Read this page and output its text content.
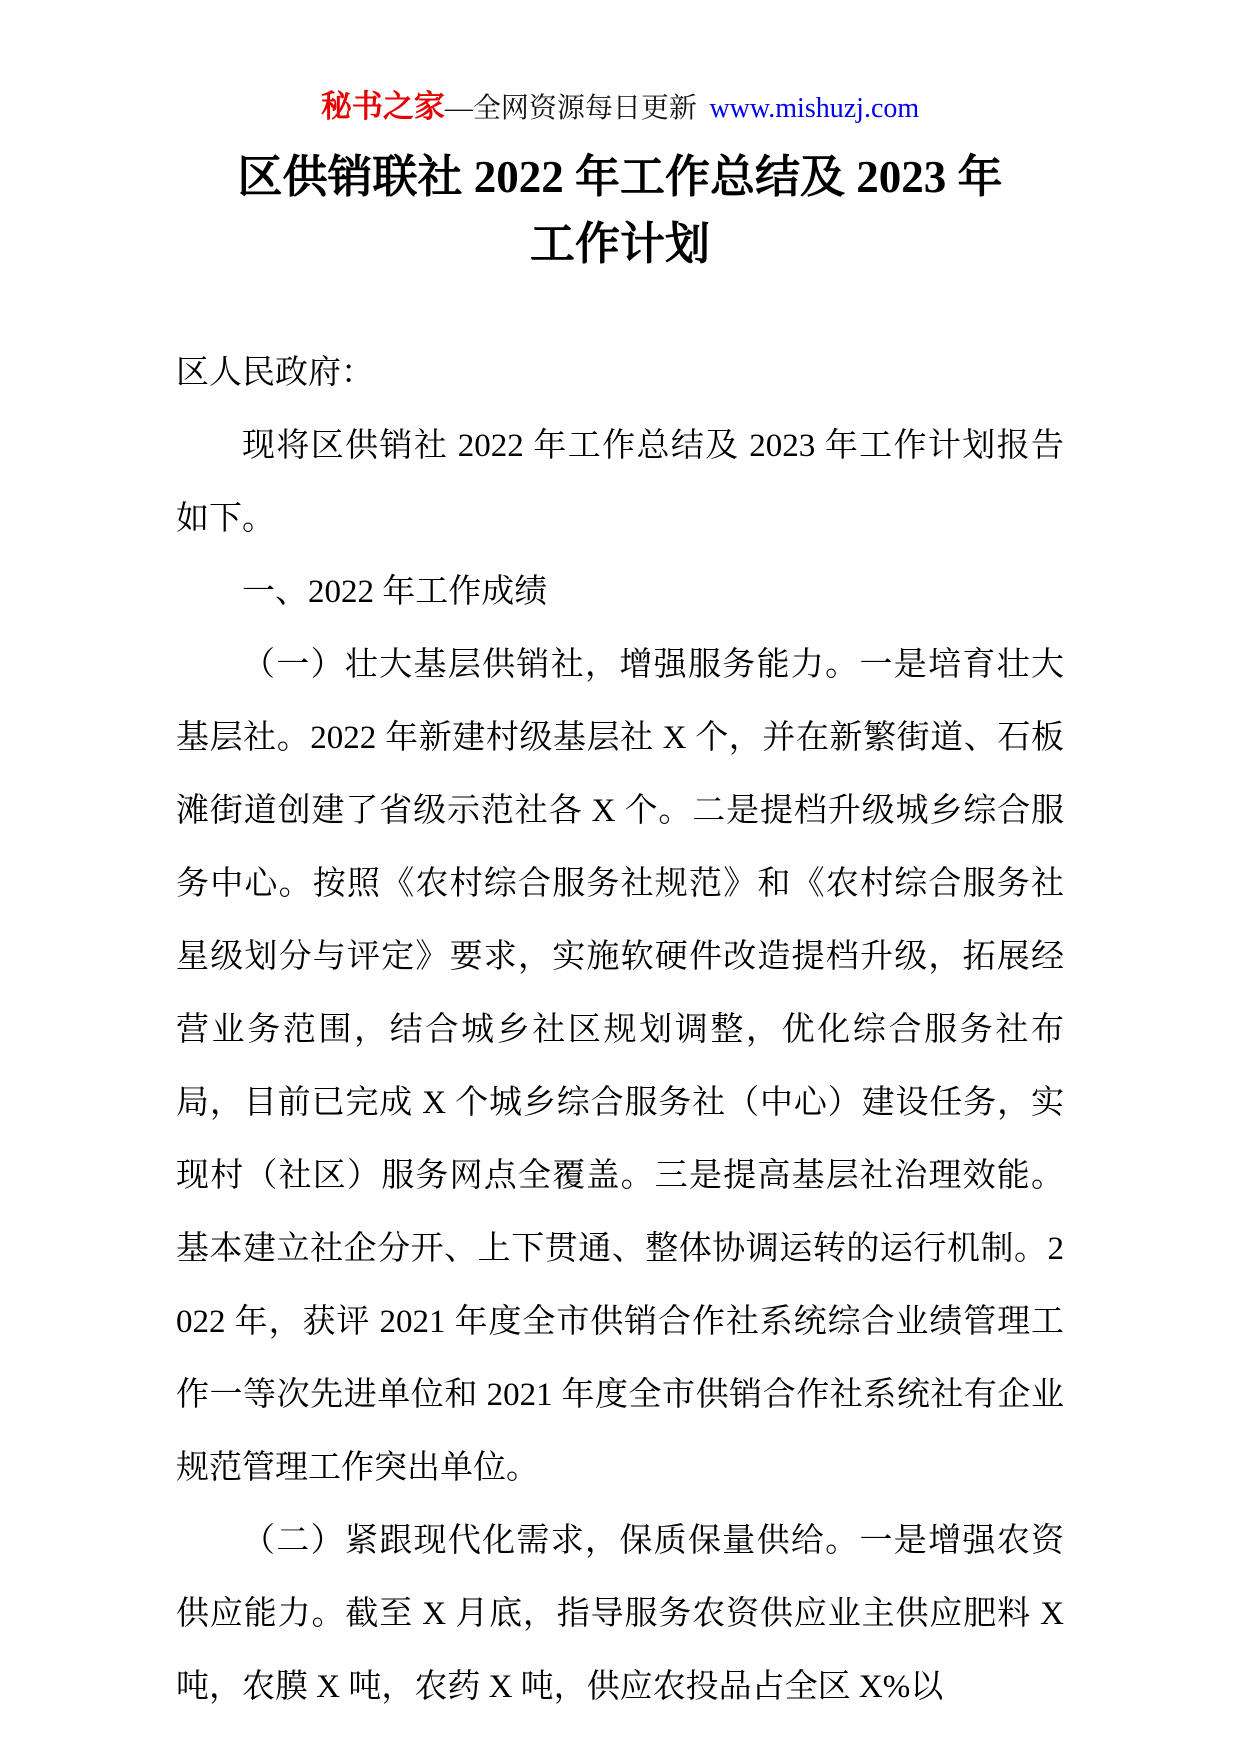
秘书之家—全网资源每日更新 www.mishuzj.com
区供销联社 2022 年工作总结及 2023 年
工作计划

区人民政府：

现将区供销社 2022 年工作总结及 2023 年工作计划报告如下。

一、2022 年工作成绩

（一）壮大基层供销社，增强服务能力。一是培育壮大基层社。2022 年新建村级基层社 X 个，并在新繁街道、石板滩街道创建了省级示范社各 X 个。二是提档升级城乡综合服务中心。按照《农村综合服务社规范》和《农村综合服务社星级划分与评定》要求，实施软硬件改造提档升级，拓展经营业务范围，结合城乡社区规划调整，优化综合服务社布局，目前已完成 X 个城乡综合服务社（中心）建设任务，实现村（社区）服务网点全覆盖。三是提高基层社治理效能。基本建立社企分开、上下贯通、整体协调运转的运行机制。2022 年，获评 2021 年度全市供销合作社系统综合业绩管理工作一等次先进单位和 2021 年度全市供销合作社系统社有企业规范管理工作突出单位。

（二）紧跟现代化需求，保质保量供给。一是增强农资供应能力。截至 X 月底，指导服务农资供应业主供应肥料 X 吨，农膜 X 吨，农药 X 吨，供应农投品占全区 X%以
